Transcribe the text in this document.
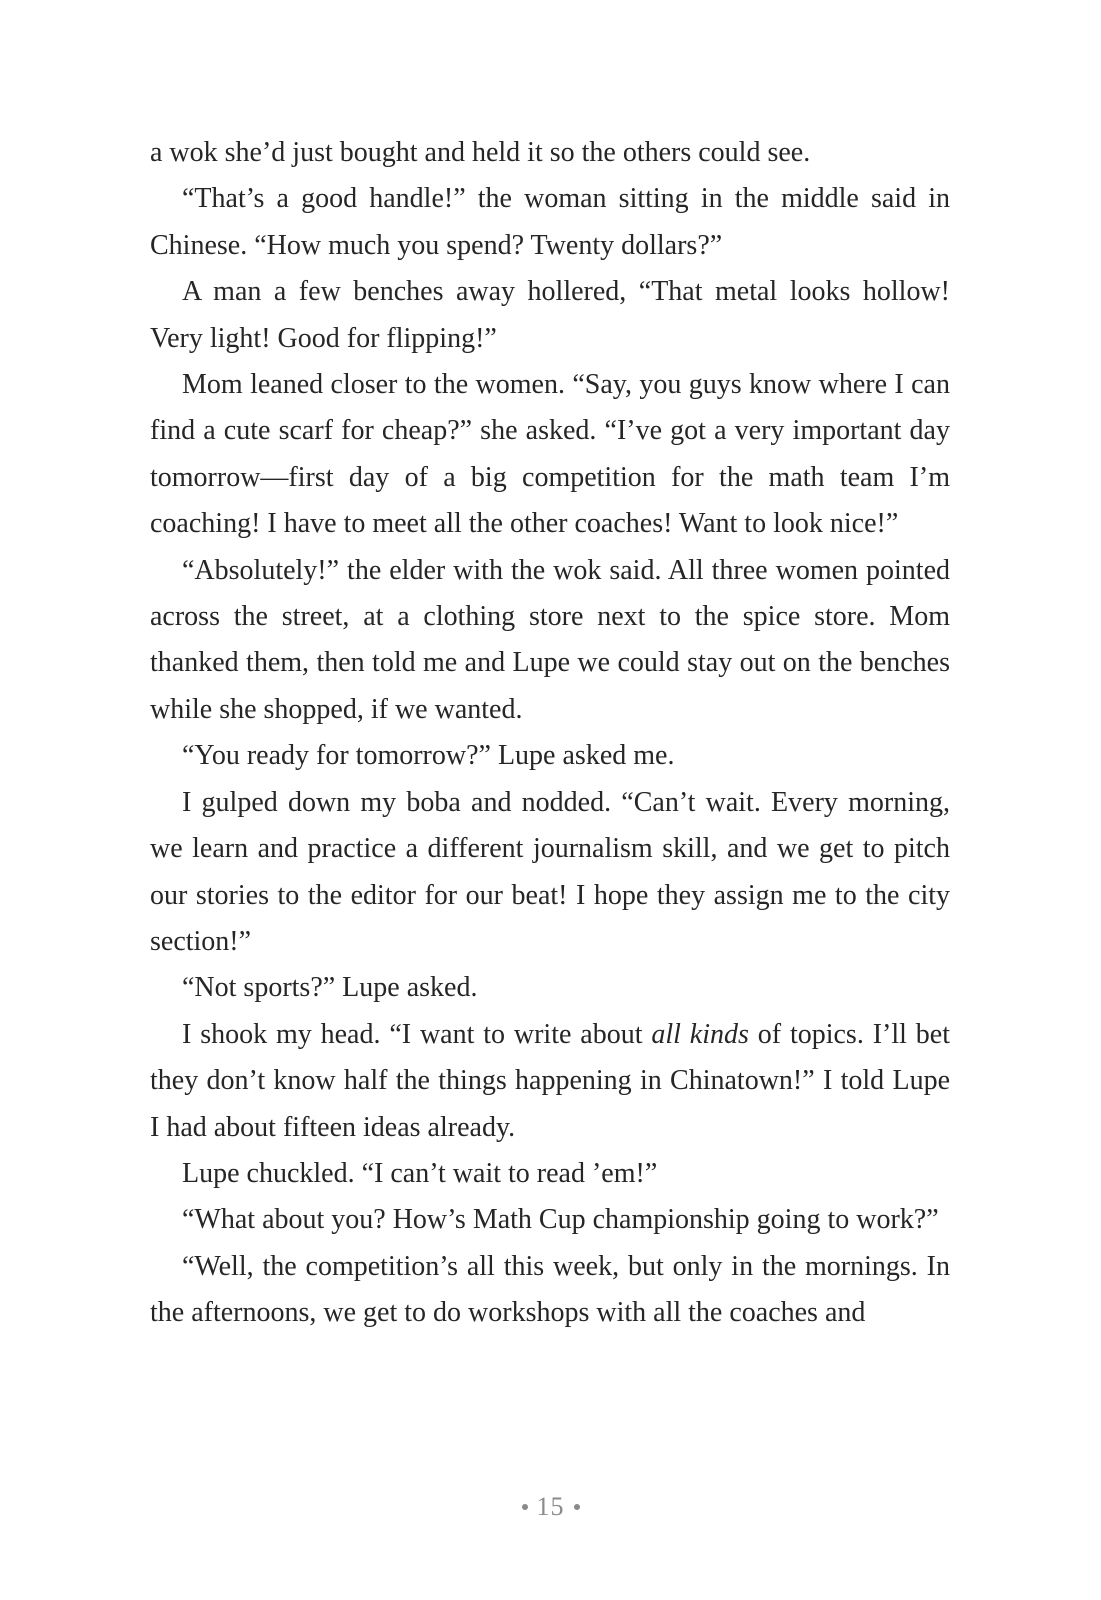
a wok she’d just bought and held it so the others could see.

“That’s a good handle!” the woman sitting in the middle said in Chinese. “How much you spend? Twenty dollars?”

A man a few benches away hollered, “That metal looks hollow! Very light! Good for flipping!”

Mom leaned closer to the women. “Say, you guys know where I can find a cute scarf for cheap?” she asked. “I’ve got a very important day tomorrow—first day of a big competition for the math team I’m coaching! I have to meet all the other coaches! Want to look nice!”

“Absolutely!” the elder with the wok said. All three women pointed across the street, at a clothing store next to the spice store. Mom thanked them, then told me and Lupe we could stay out on the benches while she shopped, if we wanted.

“You ready for tomorrow?” Lupe asked me.

I gulped down my boba and nodded. “Can’t wait. Every morning, we learn and practice a different journalism skill, and we get to pitch our stories to the editor for our beat! I hope they assign me to the city section!”

“Not sports?” Lupe asked.

I shook my head. “I want to write about all kinds of topics. I’ll bet they don’t know half the things happening in Chinatown!” I told Lupe I had about fifteen ideas already.

Lupe chuckled. “I can’t wait to read ’em!”

“What about you? How’s Math Cup championship going to work?”

“Well, the competition’s all this week, but only in the mornings. In the afternoons, we get to do workshops with all the coaches and

15
